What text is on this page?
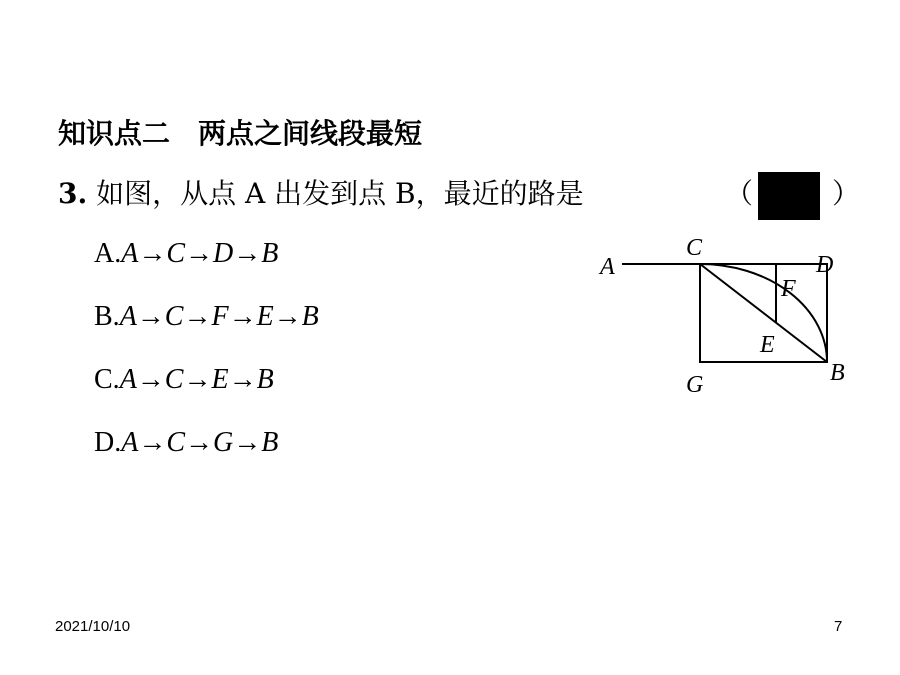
知识点二　两点之间线段最短
3. 如图，从点 A 出发到点 B，最近的路是	（	）
A.A→C→D→B
B.A→C→F→E→B
C.A→C→E→B
D.A→C→G→B
A
C
D
F
E
B
G
2021/10/10	7
